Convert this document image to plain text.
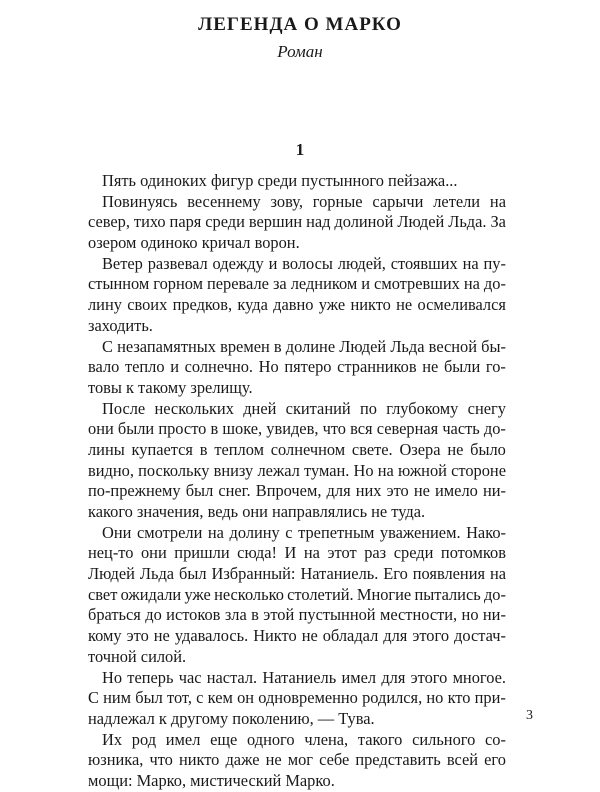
ЛЕГЕНДА О МАРКО
Роман
1
Пять одиноких фигур среди пустынного пейзажа...
Повинуясь весеннему зову, горные сарычи летели на
север, тихо паря среди вершин над долиной Людей Льда. За
озером одиноко кричал ворон.
Ветер развевал одежду и волосы людей, стоявших на пу-
стынном горном перевале за ледником и смотревших на до-
лину своих предков, куда давно уже никто не осмеливался
заходить.
С незапамятных времен в долине Людей Льда весной бы-
вало тепло и солнечно. Но пятеро странников не были го-
товы к такому зрелищу.
После нескольких дней скитаний по глубокому снегу
они были просто в шоке, увидев, что вся северная часть до-
лины купается в теплом солнечном свете. Озера не было
видно, поскольку внизу лежал туман. Но на южной стороне
по-прежнему был снег. Впрочем, для них это не имело ни-
какого значения, ведь они направлялись не туда.
Они смотрели на долину с трепетным уважением. Нако-
нец-то они пришли сюда! И на этот раз среди потомков
Людей Льда был Избранный: Натаниель. Его появления на
свет ожидали уже несколько столетий. Многие пытались до-
браться до истоков зла в этой пустынной местности, но ни-
кому это не удавалось. Никто не обладал для этого достач-
точной силой.
Но теперь час настал. Натаниель имел для этого многое.
С ним был тот, с кем он одновременно родился, но кто при-
надлежал к другому поколению, — Тува.
Их род имел еще одного члена, такого сильного со-
юзника, что никто даже не мог себе представить всей его
мощи: Марко, мистический Марко.
3
